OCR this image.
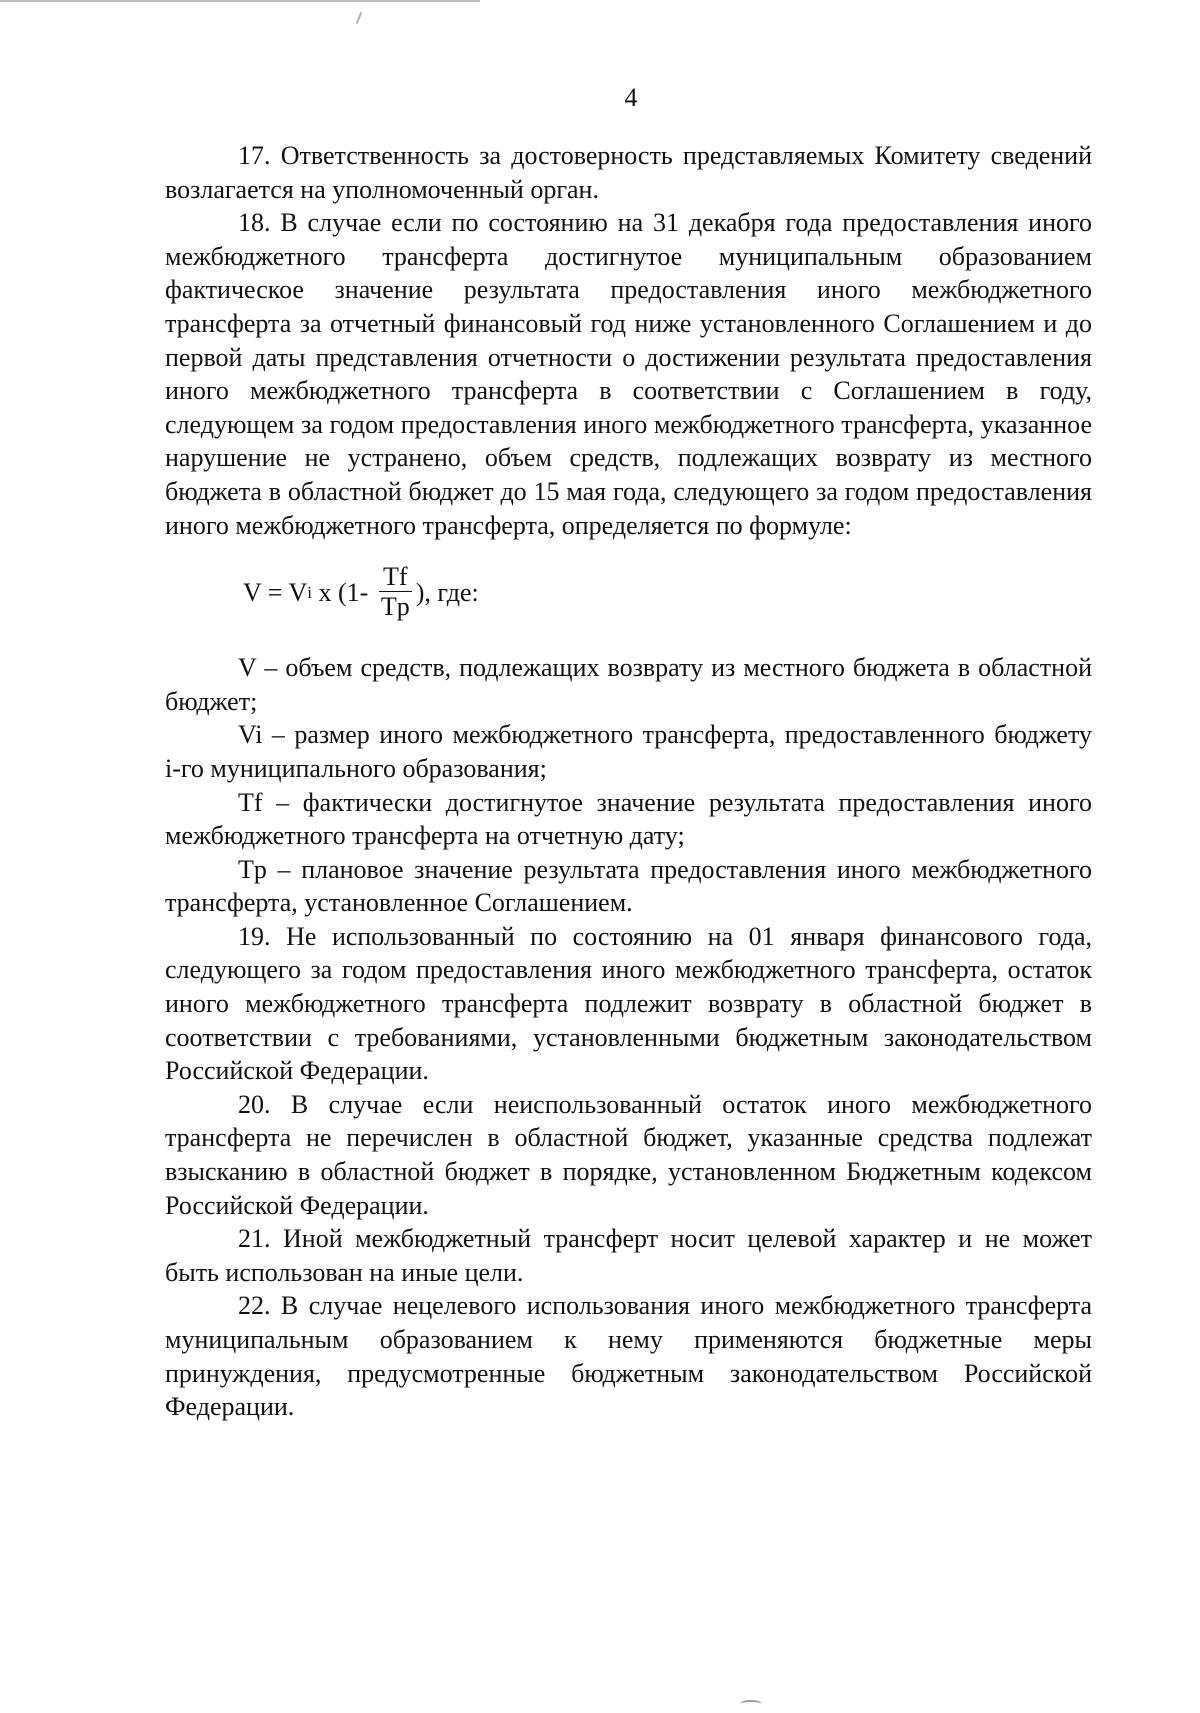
4

17. Ответственность за достоверность представляемых Комитету сведений возлагается на уполномоченный орган.

18. В случае если по состоянию на 31 декабря года предоставления иного межбюджетного трансферта достигнутое муниципальным образованием фактическое значение результата предоставления иного межбюджетного трансферта за отчетный финансовый год ниже установленного Соглашением и до первой даты представления отчетности о достижении результата предоставления иного межбюджетного трансферта в соответствии с Соглашением в году, следующем за годом предоставления иного межбюджетного трансферта, указанное нарушение не устранено, объем средств, подлежащих возврату из местного бюджета в областной бюджет до 15 мая года, следующего за годом предоставления иного межбюджетного трансферта, определяется по формуле:

V = V i x ($1- \frac{Tf}{Tp}$ ), где:

V – объем средств, подлежащих возврату из местного бюджета в областной бюджет;

Vi – размер иного межбюджетного трансферта, предоставленного бюджету i-го муниципального образования;

Tf – фактически достигнутое значение результата предоставления иного межбюджетного трансферта на отчетную дату;

Tp – плановое значение результата предоставления иного межбюджетного трансферта, установленное Соглашением.

19. Не использованный по состоянию на 01 января финансового года, следующего за годом предоставления иного межбюджетного трансферта, остаток иного межбюджетного трансферта подлежит возврату в областной бюджет в соответствии с требованиями, установленными бюджетным законодательством Российской Федерации.

20. В случае если неиспользованный остаток иного межбюджетного трансферта не перечислен в областной бюджет, указанные средства подлежат взысканию в областной бюджет в порядке, установленном Бюджетным кодексом Российской Федерации.

21. Иной межбюджетный трансферт носит целевой характер и не может быть использован на иные цели.

22. В случае нецелевого использования иного межбюджетного трансферта муниципальным образованием к нему применяются бюджетные меры принуждения, предусмотренные бюджетным законодательством Российской Федерации.
